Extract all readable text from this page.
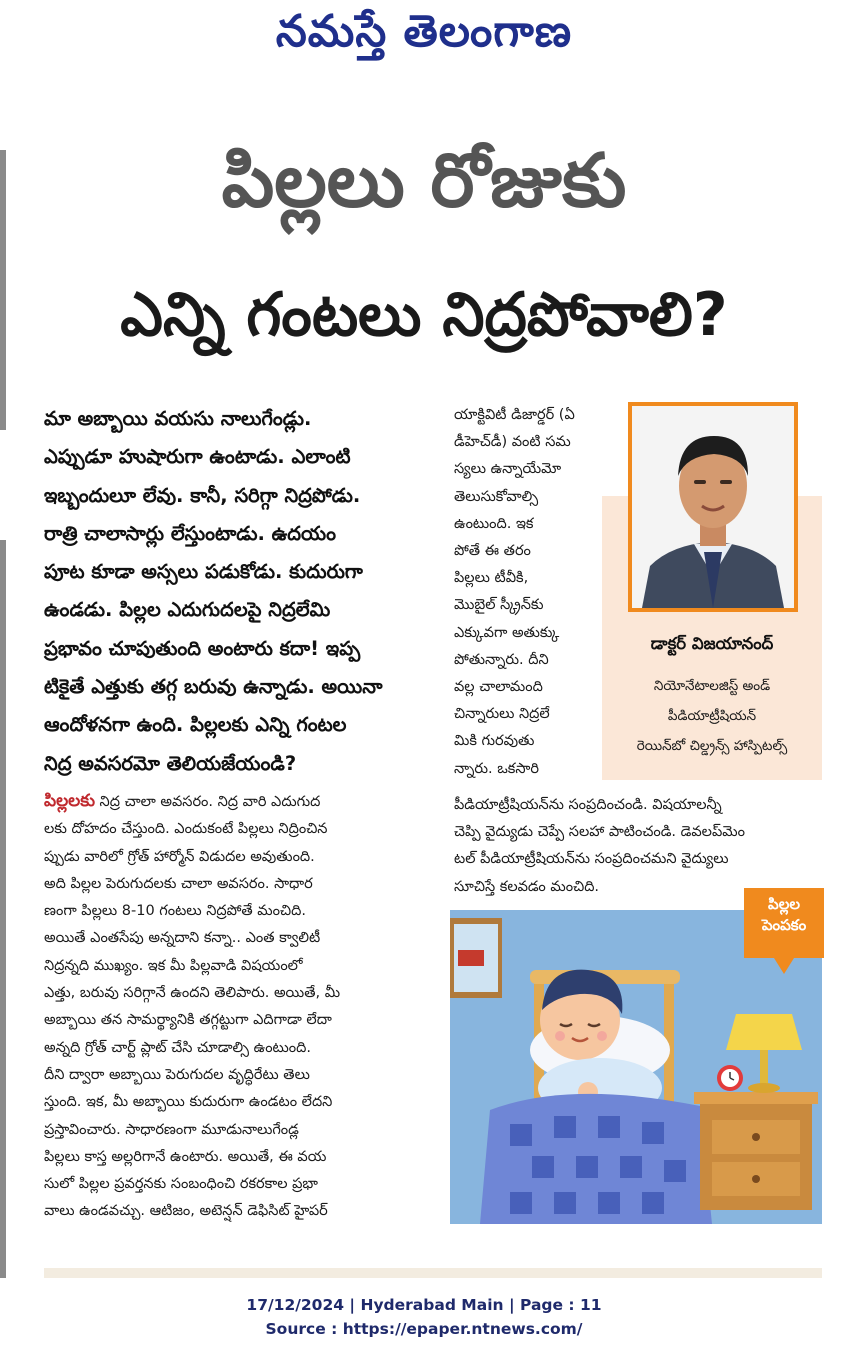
నమస్తే తెలంగాణ
పిల్లలు రోజుకు
ఎన్ని గంటలు నిద్రపోవాలి?
మా అబ్బాయి వయసు నాలుగేండ్లు.
ఎప్పుడూ హుషారుగా ఉంటాడు. ఎలాంటి
ఇబ్బందులూ లేవు. కానీ, సరిగ్గా నిద్రపోడు.
రాత్రి చాలాసార్లు లేస్తుంటాడు. ఉదయం
పూట కూడా అస్సలు పడుకోడు. కుదురుగా
ఉండడు. పిల్లల ఎదుగుదలపై నిద్రలేమి
ప్రభావం చూపుతుంది అంటారు కదా! ఇప్ప
టికైతే ఎత్తుకు తగ్గ బరువు ఉన్నాడు. అయినా
ఆందోళనగా ఉంది. పిల్లలకు ఎన్ని గంటల
నిద్ర అవసరమో తెలియజేయండి?
పిల్లలకు నిద్ర చాలా అవసరం. నిద్ర వారి ఎదుగుద
లకు దోహదం చేస్తుంది. ఎందుకంటే పిల్లలు నిద్రించిన
ప్పుడు వారిలో గ్రోత్ హార్మోన్ విడుదల అవుతుంది.
అది పిల్లల పెరుగుదలకు చాలా అవసరం. సాధార
ణంగా పిల్లలు 8-10 గంటలు నిద్రపోతే మంచిది.
అయితే ఎంతసేపు అన్నదాని కన్నా.. ఎంత క్వాలిటీ
నిద్రన్నది ముఖ్యం. ఇక మీ పిల్లవాడి విషయంలో
ఎత్తు, బరువు సరిగ్గానే ఉందని తెలిపారు. అయితే, మీ
అబ్బాయి తన సామర్థ్యానికి తగ్గట్టుగా ఎదిగాడా లేదా
అన్నది గ్రోత్ చార్ట్ ప్లాట్ చేసి చూడాల్సి ఉంటుంది.
దీని ద్వారా అబ్బాయి పెరుగుదల వృద్ధిరేటు తెలు
స్తుంది. ఇక, మీ అబ్బాయి కుదురుగా ఉండటం లేదని
ప్రస్తావించారు. సాధారణంగా మూడునాలుగేండ్ల
పిల్లలు కాస్త అల్లరిగానే ఉంటారు. అయితే, ఈ వయ
సులో పిల్లల ప్రవర్తనకు సంబంధించి రకరకాల ప్రభా
వాలు ఉండవచ్చు. ఆటిజం, అటెన్షన్ డెఫిసిట్ హైపర్
డాక్టర్ విజయానంద్
నియోనేటాలజిస్ట్ అండ్
పీడియాట్రీషియన్
రెయిన్‌బో చిల్డ్రన్స్ హాస్పిటల్స్
యాక్టివిటీ డిజార్డర్ (ఏ
డీహెచ్‌డీ) వంటి సమ
స్యలు ఉన్నాయేమో
తెలుసుకోవాల్సి
ఉంటుంది. ఇక
పోతే ఈ తరం
పిల్లలు టీవీకి,
మొబైల్ స్క్రీన్‌కు
ఎక్కువగా అతుక్కు
పోతున్నారు. దీని
వల్ల చాలామంది
చిన్నారులు నిద్రలే
మికి గురవుతు
న్నారు. ఒకసారి
పీడియాట్రీషియన్‌ను సంప్రదించండి. విషయాలన్నీ
చెప్పి వైద్యుడు చెప్పే సలహా పాటించండి. డెవలప్‌మెం
టల్ పీడియాట్రీషియన్‌ను సంప్రదించమని వైద్యులు
సూచిస్తే కలవడం మంచిది.
పిల్లల
పెంపకం
17/12/2024 | Hyderabad Main | Page : 11
Source : https://epaper.ntnews.com/
